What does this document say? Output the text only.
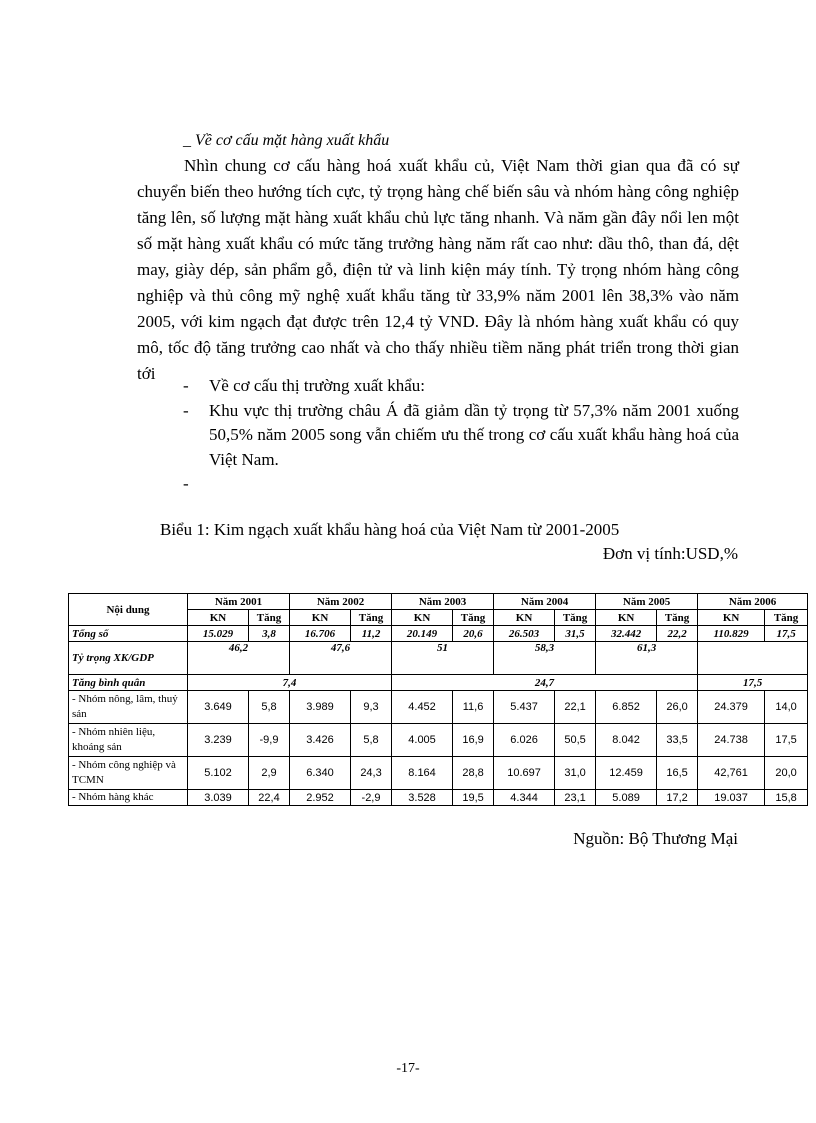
_ Về cơ cấu mặt hàng xuất khẩu

Nhìn chung cơ cấu hàng hoá xuất khẩu củ, Việt Nam thời gian qua đã có sự chuyển biến theo hướng tích cực, tỷ trọng hàng chế biến sâu và nhóm hàng công nghiệp tăng lên, số lượng mặt hàng xuất khẩu chủ lực tăng nhanh. Và năm gần đây nổi len một số mặt hàng xuất khẩu có mức tăng trưởng hàng năm rất cao như: dầu thô, than đá, dệt may, giày dép, sản phẩm gỗ, điện tử và linh kiện máy tính. Tỷ trọng nhóm hàng công nghiệp và thủ công mỹ nghệ xuất khẩu tăng từ 33,9% năm 2001 lên 38,3% vào năm 2005, với kim ngạch đạt được trên 12,4 tỷ VND. Đây là nhóm hàng xuất khẩu có quy mô, tốc độ tăng trưởng cao nhất và cho thấy nhiều tiềm năng phát triển trong thời gian tới

- Về cơ cấu thị trường xuất khẩu:
- Khu vực thị trường châu Á đã giảm dần tỷ trọng từ 57,3% năm 2001 xuống 50,5% năm 2005 song vẫn chiếm ưu thế trong cơ cấu xuất khẩu hàng hoá của Việt Nam.
-
Biểu 1: Kim ngạch xuất khẩu hàng hoá của Việt Nam từ 2001-2005
Đơn vị tính:USD,%
Nội dung	Năm 2001		Năm 2002		Năm 2003		Năm 2004		Năm 2005		Năm 2006	
	KN	Tăng	KN	Tăng	KN	Tăng	KN	Tăng	KN	Tăng	KN	Tăng
Tổng số	15.029	3,8	16.706	11,2	20.149	20,6	26.503	31,5	32.442	22,2	110.829	17,5
Tỷ trọng XK/GDP	46,2		47,6		51		58,3		61,3			
Tăng bình quân	7,4				24,7						17,5	
- Nhóm nông, lâm, thuỷ sản	3.649	5,8	3.989	9,3	4.452	11,6	5.437	22,1	6.852	26,0	24.379	14,0
- Nhóm nhiên liệu, khoáng sản	3.239	-9,9	3.426	5,8	4.005	16,9	6.026	50,5	8.042	33,5	24.738	17,5
- Nhóm công nghiệp và TCMN	5.102	2,9	6.340	24,3	8.164	28,8	10.697	31,0	12.459	16,5	42,761	20,0
- Nhóm hàng khác	3.039	22,4	2.952	-2,9	3.528	19,5	4.344	23,1	5.089	17,2	19.037	15,8
Nguồn: Bộ Thương Mại
-17-
